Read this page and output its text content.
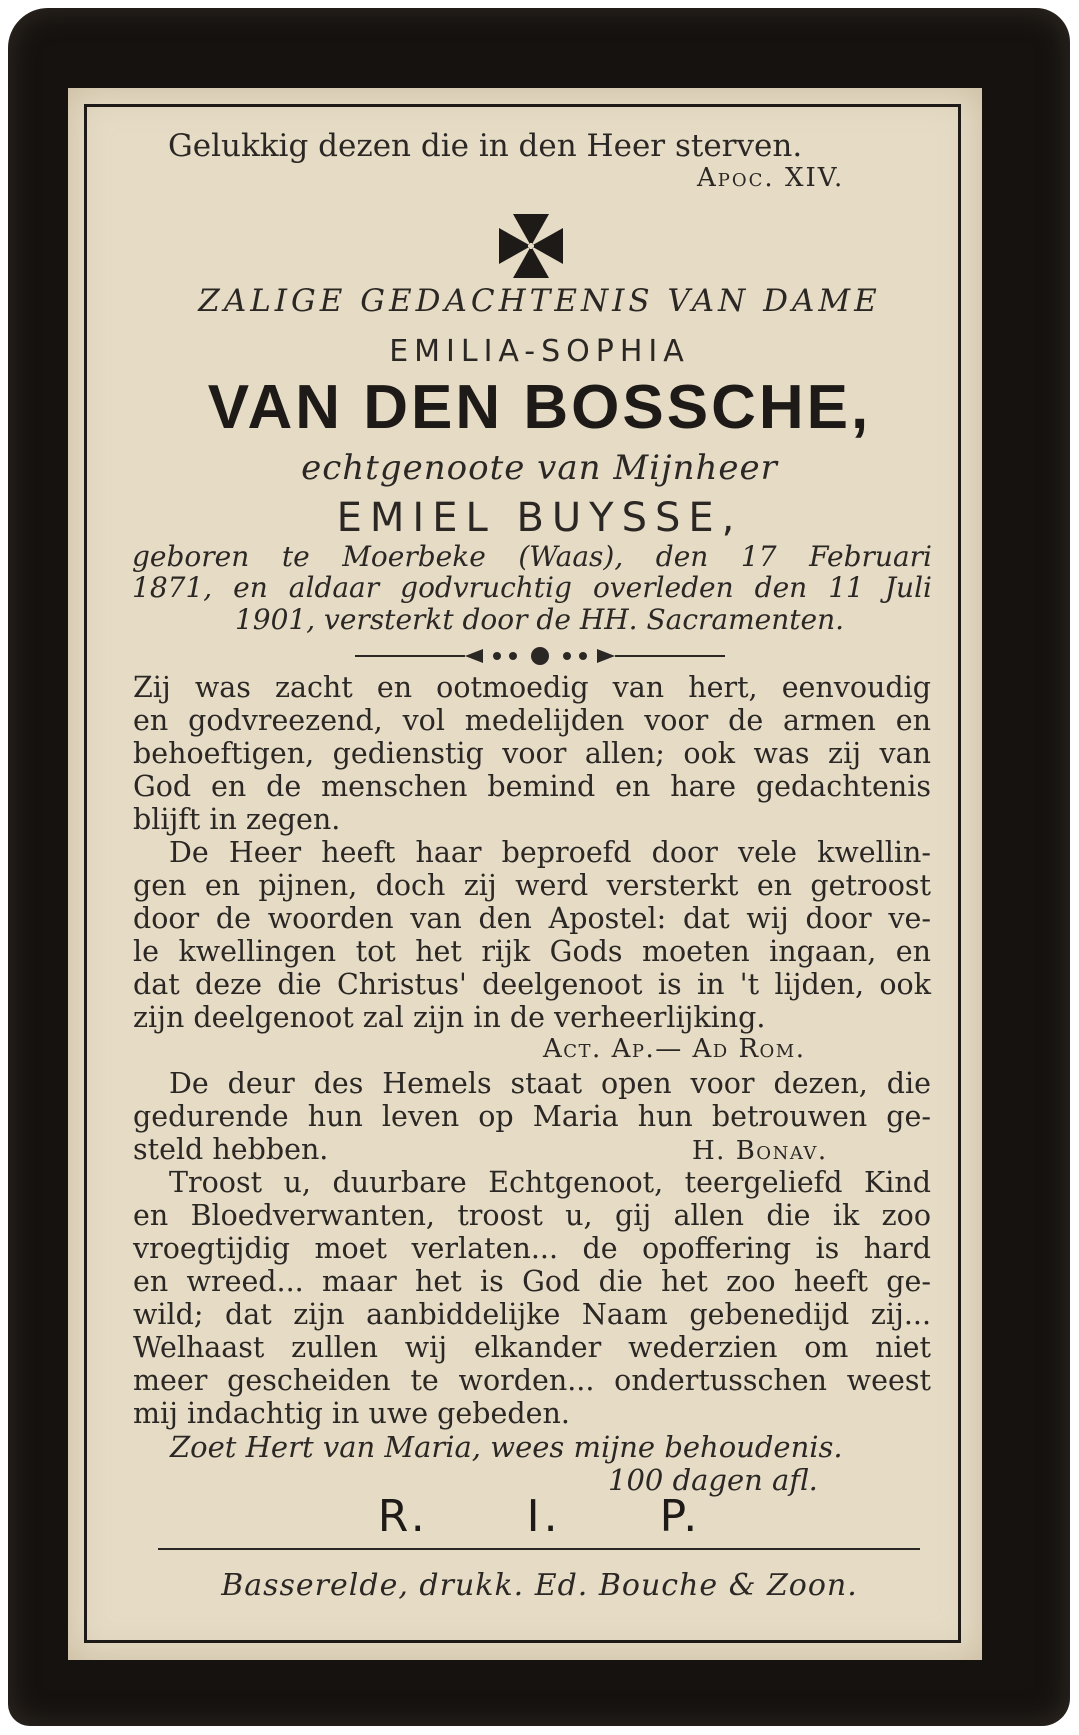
Gelukkig dezen die in den Heer sterven.

Apoc. XIV.

ZALIGE GEDACHTENIS VAN DAME

EMILIA-SOPHIA

VAN DEN BOSSCHE,

echtgenoote van Mijnheer

EMIEL BUYSSE,

geboren te Moerbeke (Waas), den 17 Februari

1871, en aldaar godvruchtig overleden den 11 Juli

1901, versterkt door de HH. Sacramenten.

Zij was zacht en ootmoedig van hert, eenvoudig

en godvreezend, vol medelijden voor de armen en

behoeftigen, gedienstig voor allen; ook was zij van

God en de menschen bemind en hare gedachtenis

blijft in zegen.

De Heer heeft haar beproefd door vele kwellin-

gen en pijnen, doch zij werd versterkt en getroost

door de woorden van den Apostel: dat wij door ve-

le kwellingen tot het rijk Gods moeten ingaan, en

dat deze die Christus' deelgenoot is in 't lijden, ook

zijn deelgenoot zal zijn in de verheerlijking.

Act. Ap.— Ad Rom.

De deur des Hemels staat open voor dezen, die

gedurende hun leven op Maria hun betrouwen ge-

steld hebben.	H. Bonav.

Troost u, duurbare Echtgenoot, teergeliefd Kind

en Bloedverwanten, troost u, gij allen die ik zoo

vroegtijdig moet verlaten... de opoffering is hard

en wreed... maar het is God die het zoo heeft ge-

wild; dat zijn aanbiddelijke Naam gebenedijd zij...

Welhaast zullen wij elkander wederzien om niet

meer gescheiden te worden... ondertusschen weest

mij indachtig in uwe gebeden.

Zoet Hert van Maria, wees mijne behoudenis.

100 dagen afl.

R. I. P.

Basserelde, drukk. Ed. Bouche & Zoon.
